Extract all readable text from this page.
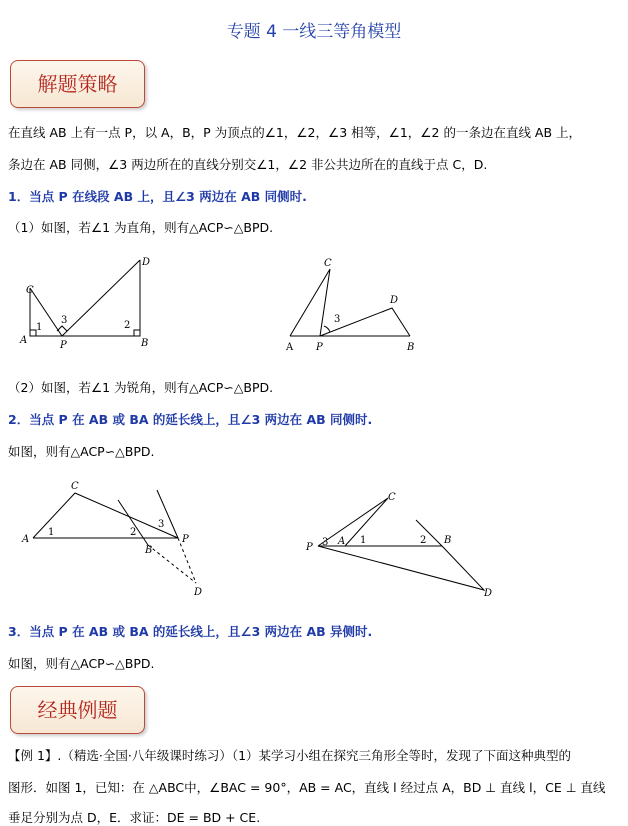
专题 4 一线三等角模型
解题策略
在直线 AB 上有一点 P，以 A，B，P 为顶点的∠1，∠2，∠3 相等，∠1，∠2 的一条边在直线 AB 上，
条边在 AB 同侧，∠3 两边所在的直线分别交∠1，∠2 非公共边所在的直线于点 C，D.
1．当点 P 在线段 AB 上，且∠3 两边在 AB 同侧时.
（1）如图，若∠1 为直角，则有△ACP∽△BPD.
C
D
A	P	B
1	2
3
C
D
A P	B
3
（2）如图，若∠1 为锐角，则有△ACP∽△BPD.
2．当点 P 在 AB 或 BA 的延长线上，且∠3 两边在 AB 同侧时.
如图，则有△ACP∽△BPD.
C
A
1	2
B
3
P
D
C
P 3 A 1	2 B
D
3．当点 P 在 AB 或 BA 的延长线上，且∠3 两边在 AB 异侧时.
如图，则有△ACP∽△BPD.
经典例题
【例 1】.（精选·全国·八年级课时练习）（1）某学习小组在探究三角形全等时，发现了下面这种典型的
图形．如图 1，已知：在 △ABC中，∠BAC = 90°，AB = AC，直线 l 经过点 A，BD ⊥ 直线 l，CE ⊥ 直线
垂足分别为点 D，E．求证：DE = BD + CE.
